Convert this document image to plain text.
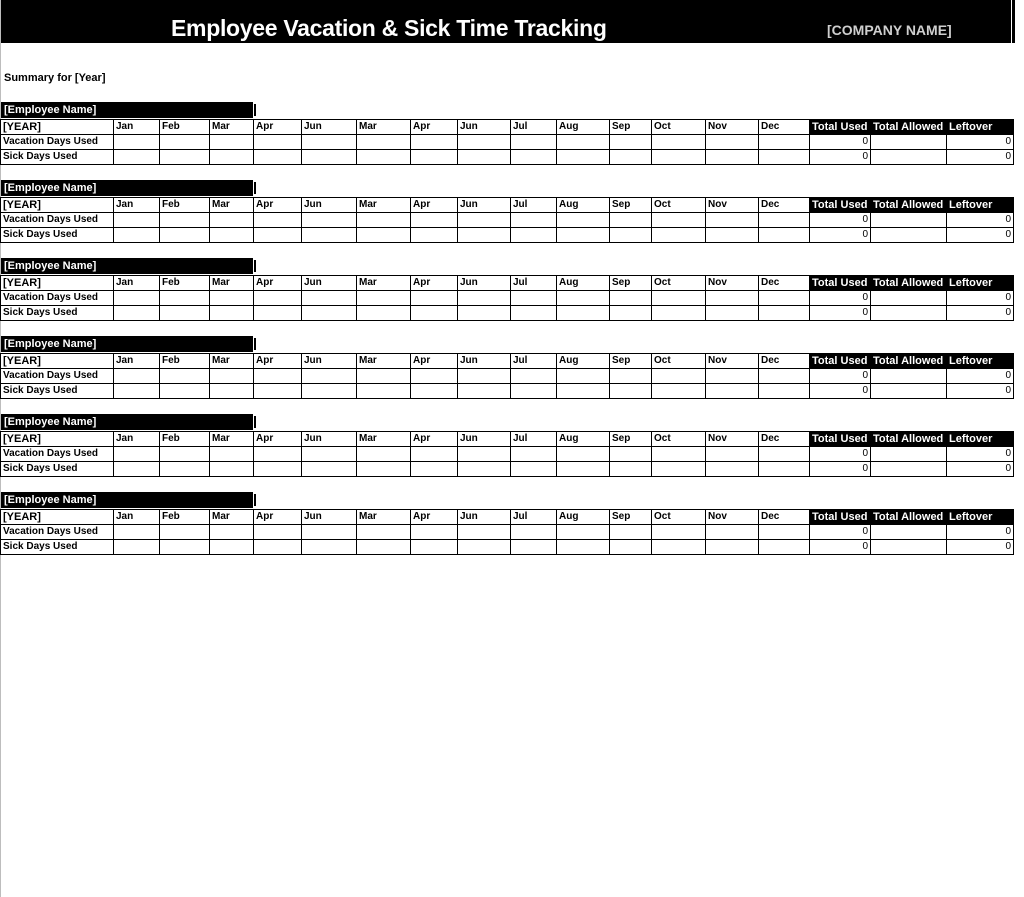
Employee Vacation & Sick Time Tracking	[COMPANY NAME]
Summary for [Year]
[Employee Name]
[YEAR]	Jan	Feb	Mar	Apr	Jun	Mar	Apr	Jun	Jul	Aug	Sep	Oct	Nov	Dec	Total Used	Total Allowed	Leftover
Vacation Days Used															0		0
Sick Days Used															0		0
[Employee Name]
[YEAR]	Jan	Feb	Mar	Apr	Jun	Mar	Apr	Jun	Jul	Aug	Sep	Oct	Nov	Dec	Total Used	Total Allowed	Leftover
Vacation Days Used															0		0
Sick Days Used															0		0
[Employee Name]
[YEAR]	Jan	Feb	Mar	Apr	Jun	Mar	Apr	Jun	Jul	Aug	Sep	Oct	Nov	Dec	Total Used	Total Allowed	Leftover
Vacation Days Used															0		0
Sick Days Used															0		0
[Employee Name]
[YEAR]	Jan	Feb	Mar	Apr	Jun	Mar	Apr	Jun	Jul	Aug	Sep	Oct	Nov	Dec	Total Used	Total Allowed	Leftover
Vacation Days Used															0		0
Sick Days Used															0		0
[Employee Name]
[YEAR]	Jan	Feb	Mar	Apr	Jun	Mar	Apr	Jun	Jul	Aug	Sep	Oct	Nov	Dec	Total Used	Total Allowed	Leftover
Vacation Days Used															0		0
Sick Days Used															0		0
[Employee Name]
[YEAR]	Jan	Feb	Mar	Apr	Jun	Mar	Apr	Jun	Jul	Aug	Sep	Oct	Nov	Dec	Total Used	Total Allowed	Leftover
Vacation Days Used															0		0
Sick Days Used															0		0
